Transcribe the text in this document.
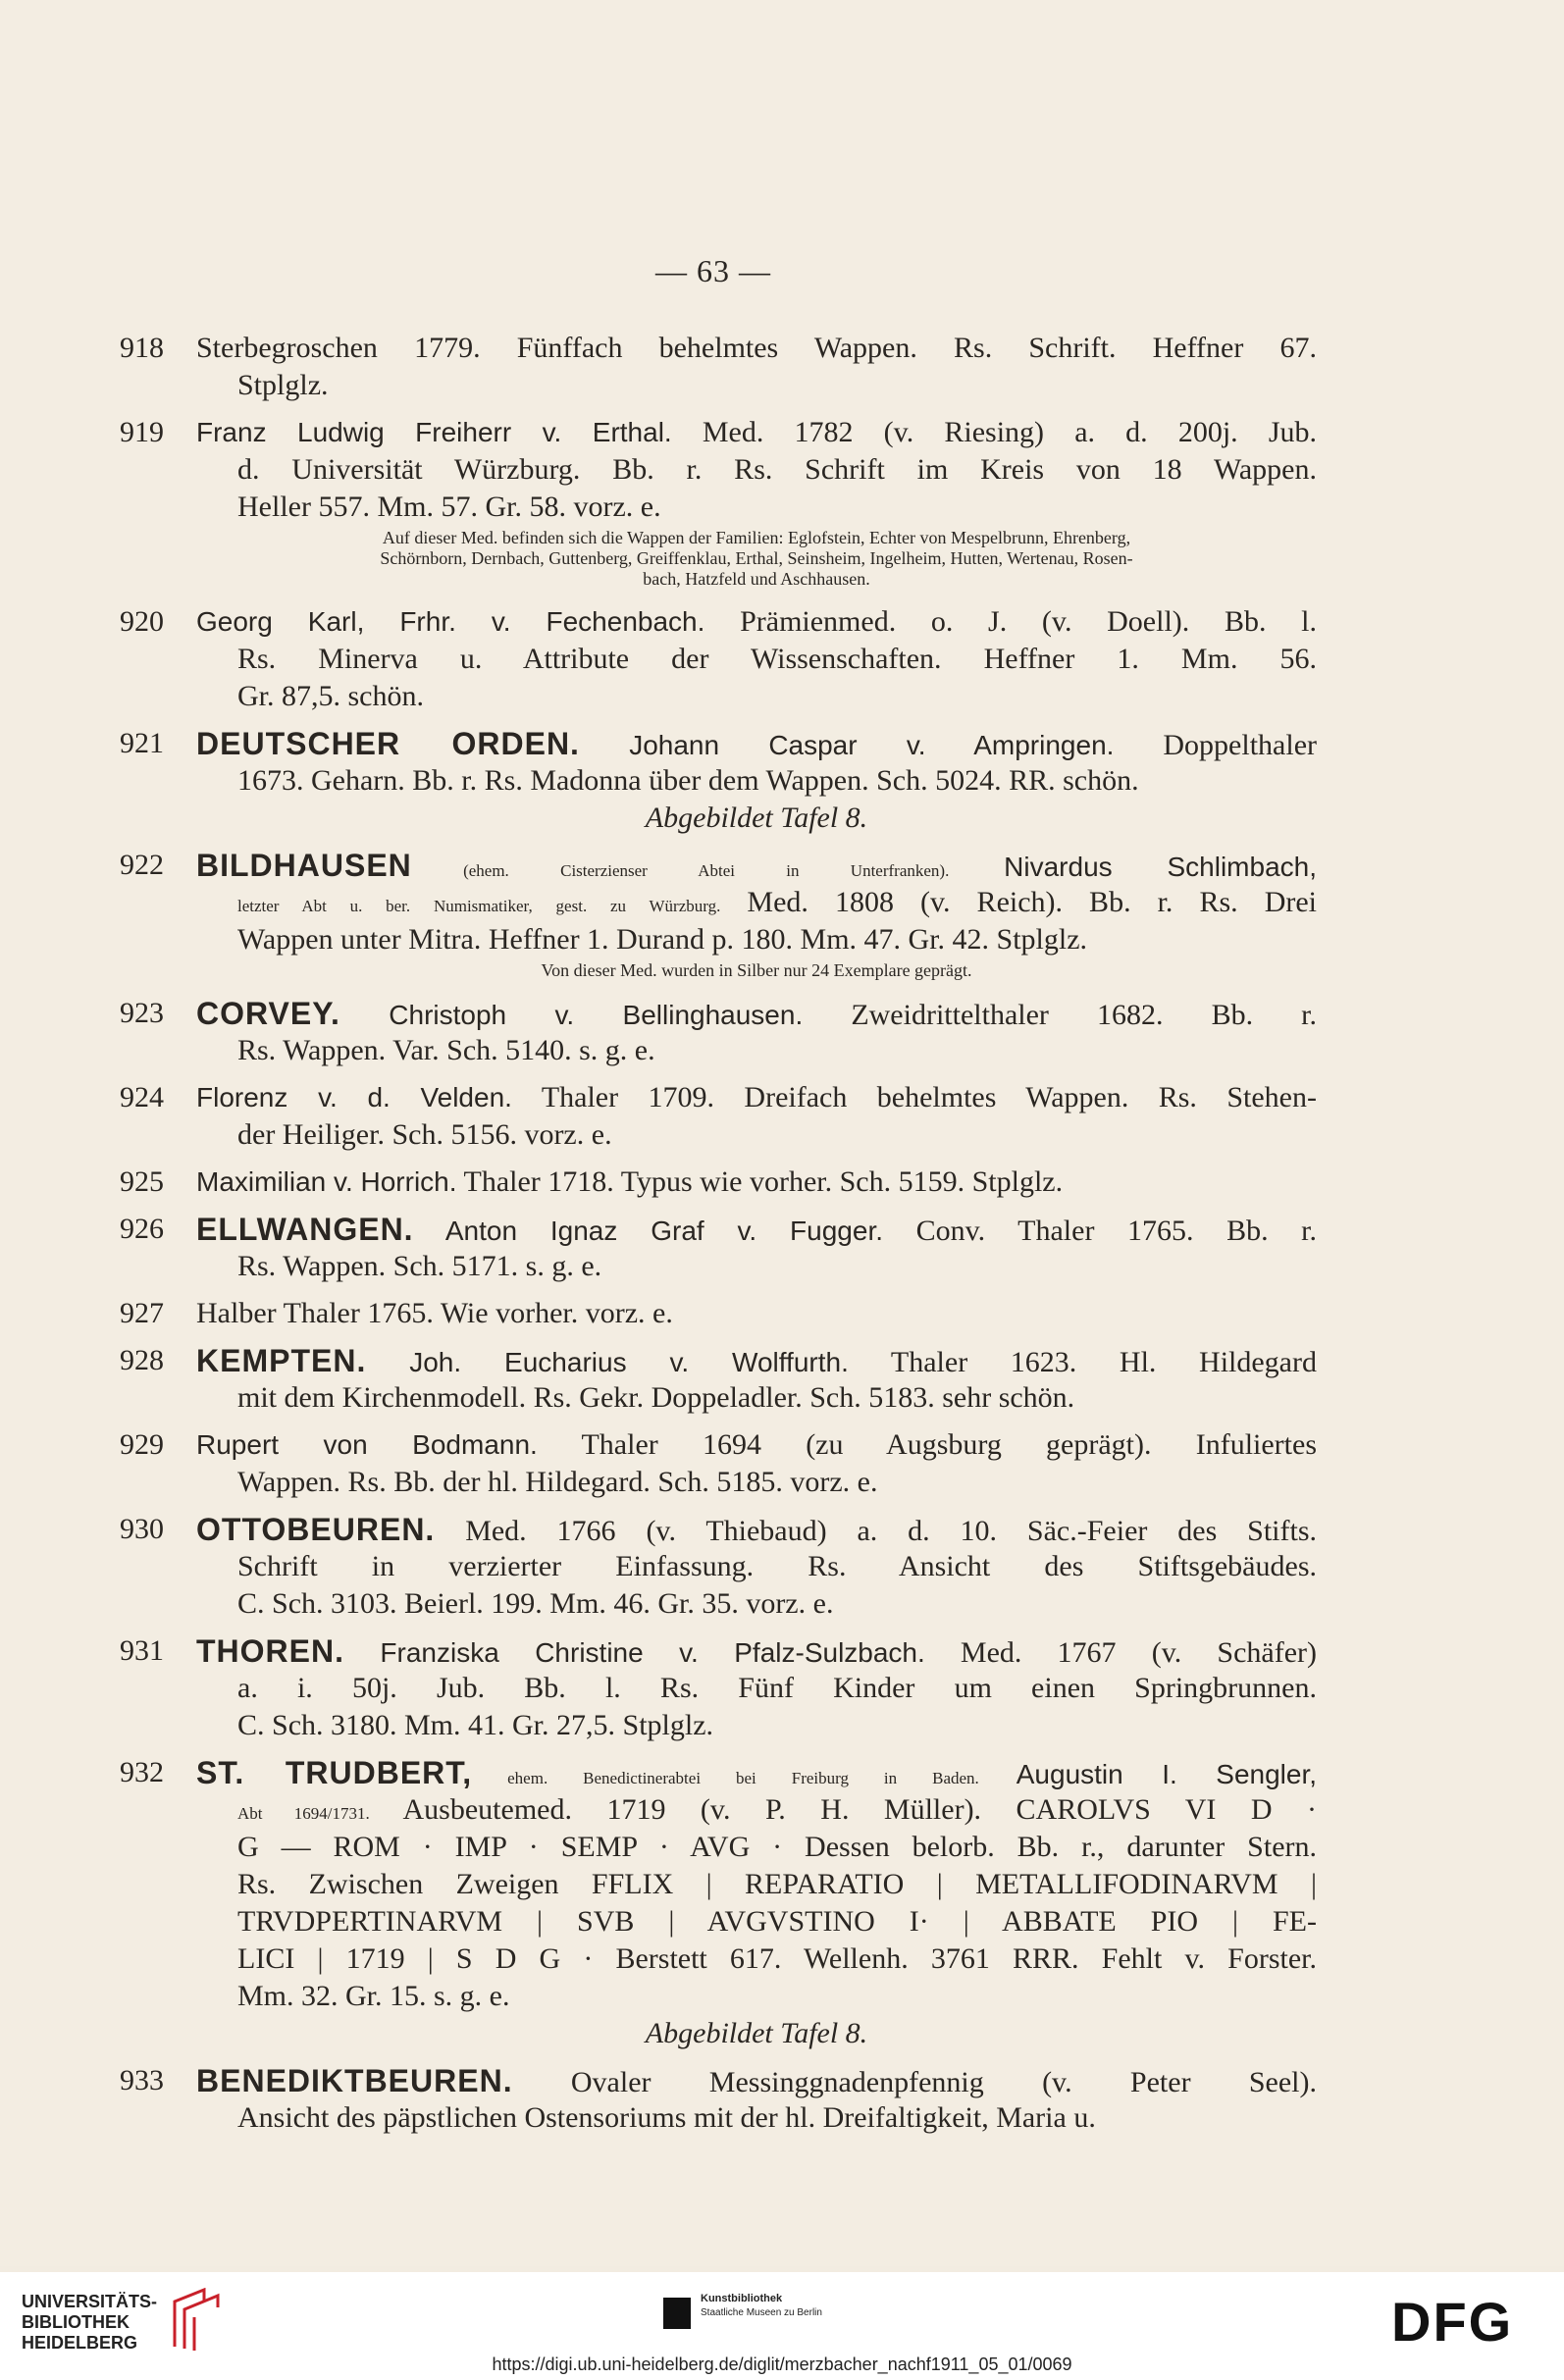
— 63 —
918	Sterbegroschen 1779. Fünffach behelmtes Wappen. Rs. Schrift. Heffner 67.
Stplglz.
919	Franz Ludwig Freiherr v. Erthal. Med. 1782 (v. Riesing) a. d. 200j. Jub.
d. Universität Würzburg. Bb. r. Rs. Schrift im Kreis von 18 Wappen.
Heller 557. Mm. 57. Gr. 58. vorz. e.
Auf dieser Med. befinden sich die Wappen der Familien: Eglofstein, Echter von Mespelbrunn, Ehrenberg,
Schörnborn, Dernbach, Guttenberg, Greiffenklau, Erthal, Seinsheim, Ingelheim, Hutten, Wertenau, Rosen-
bach, Hatzfeld und Aschhausen.
920	Georg Karl, Frhr. v. Fechenbach. Prämienmed. o. J. (v. Doell). Bb. l.
Rs. Minerva u. Attribute der Wissenschaften. Heffner 1. Mm. 56.
Gr. 87,5. schön.
921	DEUTSCHER ORDEN. Johann Caspar v. Ampringen. Doppelthaler
1673. Geharn. Bb. r. Rs. Madonna über dem Wappen. Sch. 5024. RR. schön.
Abgebildet Tafel 8.
922	BILDHAUSEN (ehem. Cisterzienser Abtei in Unterfranken). Nivardus Schlimbach,
letzter Abt u. ber. Numismatiker, gest. zu Würzburg. Med. 1808 (v. Reich). Bb. r. Rs. Drei
Wappen unter Mitra. Heffner 1. Durand p. 180. Mm. 47. Gr. 42. Stplglz.
Von dieser Med. wurden in Silber nur 24 Exemplare geprägt.
923	CORVEY. Christoph v. Bellinghausen. Zweidrittelthaler 1682. Bb. r.
Rs. Wappen. Var. Sch. 5140. s. g. e.
924	Florenz v. d. Velden. Thaler 1709. Dreifach behelmtes Wappen. Rs. Stehen-
der Heiliger. Sch. 5156. vorz. e.
925	Maximilian v. Horrich. Thaler 1718. Typus wie vorher. Sch. 5159. Stplglz.
926	ELLWANGEN. Anton Ignaz Graf v. Fugger. Conv. Thaler 1765. Bb. r.
Rs. Wappen. Sch. 5171. s. g. e.
927	Halber Thaler 1765. Wie vorher. vorz. e.
928	KEMPTEN. Joh. Eucharius v. Wolffurth. Thaler 1623. Hl. Hildegard
mit dem Kirchenmodell. Rs. Gekr. Doppeladler. Sch. 5183. sehr schön.
929	Rupert von Bodmann. Thaler 1694 (zu Augsburg geprägt). Infuliertes
Wappen. Rs. Bb. der hl. Hildegard. Sch. 5185. vorz. e.
930	OTTOBEUREN. Med. 1766 (v. Thiebaud) a. d. 10. Säc.-Feier des Stifts.
Schrift in verzierter Einfassung. Rs. Ansicht des Stiftsgebäudes.
C. Sch. 3103. Beierl. 199. Mm. 46. Gr. 35. vorz. e.
931	THOREN. Franziska Christine v. Pfalz-Sulzbach. Med. 1767 (v. Schäfer)
a. i. 50j. Jub. Bb. l. Rs. Fünf Kinder um einen Springbrunnen.
C. Sch. 3180. Mm. 41. Gr. 27,5. Stplglz.
932	ST. TRUDBERT, ehem. Benedictinerabtei bei Freiburg in Baden. Augustin I. Sengler,
Abt 1694/1731. Ausbeutemed. 1719 (v. P. H. Müller). CAROLVS VI D ·
G — ROM · IMP · SEMP · AVG · Dessen belorb. Bb. r., darunter Stern.
Rs. Zwischen Zweigen FFLIX | REPARATIO | METALLIFODINARVM |
TRVDPERTINARVM | SVB | AVGVSTINO I· | ABBATE PIO | FE-
LICI | 1719 | S D G · Berstett 617. Wellenh. 3761 RRR. Fehlt v. Forster.
Mm. 32. Gr. 15. s. g. e.
Abgebildet Tafel 8.
933	BENEDIKTBEUREN. Ovaler Messinggnadenpfennig (v. Peter Seel).
Ansicht des päpstlichen Ostensoriums mit der hl. Dreifaltigkeit, Maria u.
UNIVERSITÄTS-
BIBLIOTHEK
HEIDELBERG
Kunstbibliothek
Staatliche Museen zu Berlin	DFG
https://digi.ub.uni-heidelberg.de/diglit/merzbacher_nachf1911_05_01/0069
